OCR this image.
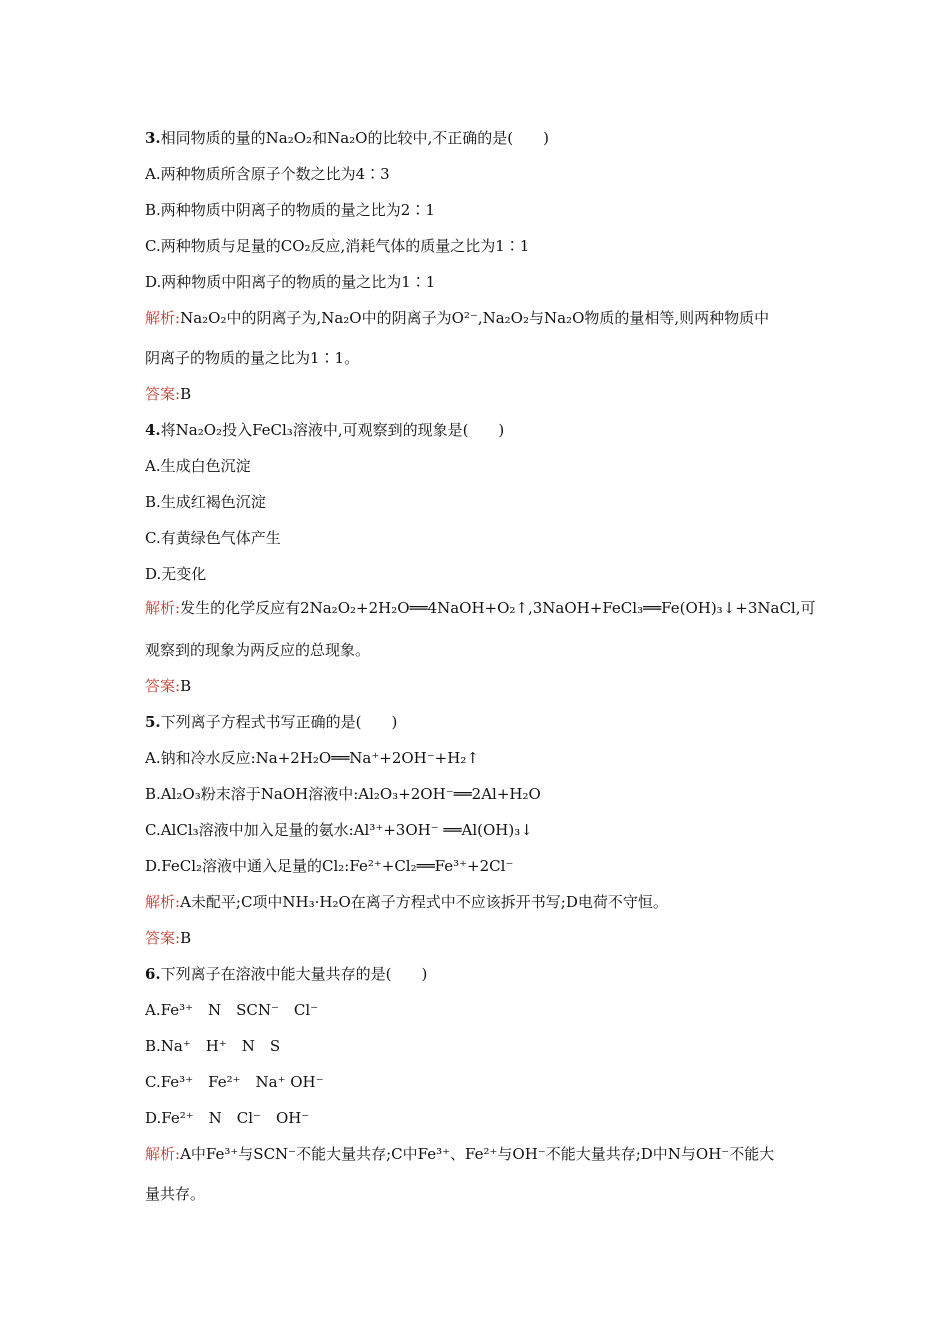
3.相同物质的量的Na₂O₂和Na₂O的比较中,不正确的是(　　)
A.两种物质所含原子个数之比为4∶3
B.两种物质中阴离子的物质的量之比为2∶1
C.两种物质与足量的CO₂反应,消耗气体的质量之比为1∶1
D.两种物质中阳离子的物质的量之比为1∶1
解析:Na₂O₂中的阴离子为,Na₂O中的阴离子为O²⁻,Na₂O₂与Na₂O物质的量相等,则两种物质中
阴离子的物质的量之比为1∶1。
答案:B
4.将Na₂O₂投入FeCl₃溶液中,可观察到的现象是(　　)
A.生成白色沉淀
B.生成红褐色沉淀
C.有黄绿色气体产生
D.无变化
解析:发生的化学反应有2Na₂O₂+2H₂O══4NaOH+O₂↑,3NaOH+FeCl₃══Fe(OH)₃↓+3NaCl,可
观察到的现象为两反应的总现象。
答案:B
5.下列离子方程式书写正确的是(　　)
A.钠和冷水反应:Na+2H₂O══Na⁺+2OH⁻+H₂↑
B.Al₂O₃粉末溶于NaOH溶液中:Al₂O₃+2OH⁻══2Al+H₂O
C.AlCl₃溶液中加入足量的氨水:Al³⁺+3OH⁻ ══Al(OH)₃↓
D.FeCl₂溶液中通入足量的Cl₂:Fe²⁺+Cl₂══Fe³⁺+2Cl⁻
解析:A未配平;C项中NH₃·H₂O在离子方程式中不应该拆开书写;D电荷不守恒。
答案:B
6.下列离子在溶液中能大量共存的是(　　)
A.Fe³⁺　N　SCN⁻　Cl⁻
B.Na⁺　H⁺　N　S
C.Fe³⁺　Fe²⁺　Na⁺ OH⁻
D.Fe²⁺　N　Cl⁻　OH⁻
解析:A中Fe³⁺与SCN⁻不能大量共存;C中Fe³⁺、Fe²⁺与OH⁻不能大量共存;D中N与OH⁻不能大
量共存。
